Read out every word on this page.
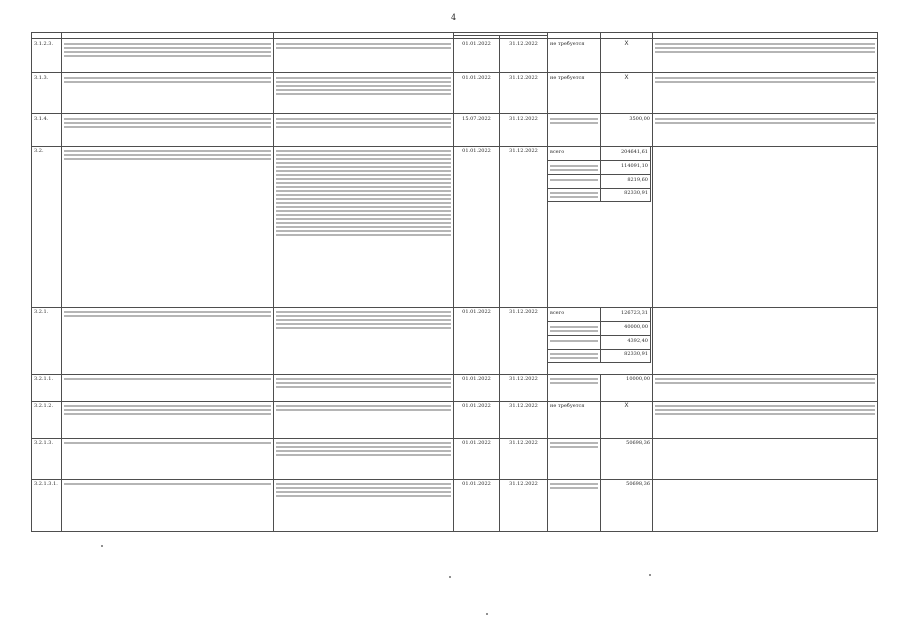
4

3.1.2.3.			01.01.2022	31.12.2022	не требуется	X	

3.1.3.			01.01.2022	31.12.2022	не требуется	X	

3.1.4.			15.07.2022	31.12.2022		3500,00	

3.2.			01.01.2022	31.12.2022	всего	204641,61

	114091,10

	8219,60

	82330,91

3.2.1.			01.01.2022	31.12.2022	всего	126723,31

	40000,00

	4392,40

	82330,91

3.2.1.1.			01.01.2022	31.12.2022		10000,00	

3.2.1.2.			01.01.2022	31.12.2022	не требуется	X	

3.2.1.3.			01.01.2022	31.12.2022		50698,36	
3.2.1.3.1.			01.01.2022	31.12.2022		50698,36	
